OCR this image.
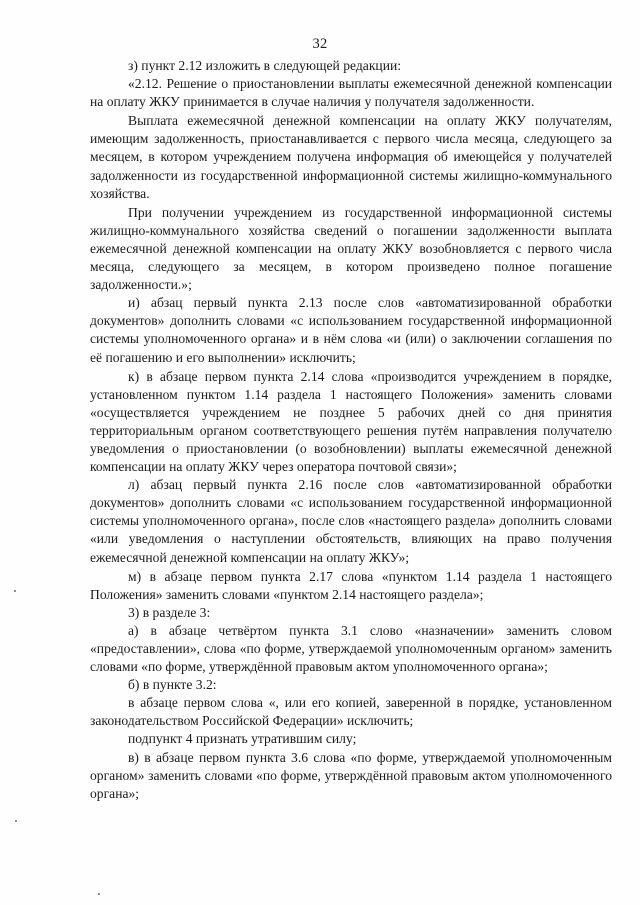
32

з) пункт 2.12 изложить в следующей редакции:

«2.12. Решение о приостановлении выплаты ежемесячной денежной компенсации на оплату ЖКУ принимается в случае наличия у получателя задолженности.

Выплата ежемесячной денежной компенсации на оплату ЖКУ получателям, имеющим задолженность, приостанавливается с первого числа месяца, следующего за месяцем, в котором учреждением получена информация об имеющейся у получателей задолженности из государственной информационной системы жилищно-коммунального хозяйства.

При получении учреждением из государственной информационной системы жилищно-коммунального хозяйства сведений о погашении задолженности выплата ежемесячной денежной компенсации на оплату ЖКУ возобновляется с первого числа месяца, следующего за месяцем, в котором произведено полное погашение задолженности.»;

и) абзац первый пункта 2.13 после слов «автоматизированной обработки документов» дополнить словами «с использованием государственной информационной системы уполномоченного органа» и в нём слова «и (или) о заключении соглашения по её погашению и его выполнении» исключить;

к) в абзаце первом пункта 2.14 слова «производится учреждением в порядке, установленном пунктом 1.14 раздела 1 настоящего Положения» заменить словами «осуществляется учреждением не позднее 5 рабочих дней со дня принятия территориальным органом соответствующего решения путём направления получателю уведомления о приостановлении (о возобновлении) выплаты ежемесячной денежной компенсации на оплату ЖКУ через оператора почтовой связи»;

л) абзац первый пункта 2.16 после слов «автоматизированной обработки документов» дополнить словами «с использованием государственной информационной системы уполномоченного органа», после слов «настоящего раздела» дополнить словами «или уведомления о наступлении обстоятельств, влияющих на право получения ежемесячной денежной компенсации на оплату ЖКУ»;

м) в абзаце первом пункта 2.17 слова «пунктом 1.14 раздела 1 настоящего Положения» заменить словами «пунктом 2.14 настоящего раздела»;

3) в разделе 3:

а) в абзаце четвёртом пункта 3.1 слово «назначении» заменить словом «предоставлении», слова «по форме, утверждаемой уполномоченным органом» заменить словами «по форме, утверждённой правовым актом уполномоченного органа»;

б) в пункте 3.2:

в абзаце первом слова «, или его копией, заверенной в порядке, установленном законодательством Российской Федерации» исключить;

подпункт 4 признать утратившим силу;

в) в абзаце первом пункта 3.6 слова «по форме, утверждаемой уполномоченным органом» заменить словами «по форме, утверждённой правовым актом уполномоченного органа»;
